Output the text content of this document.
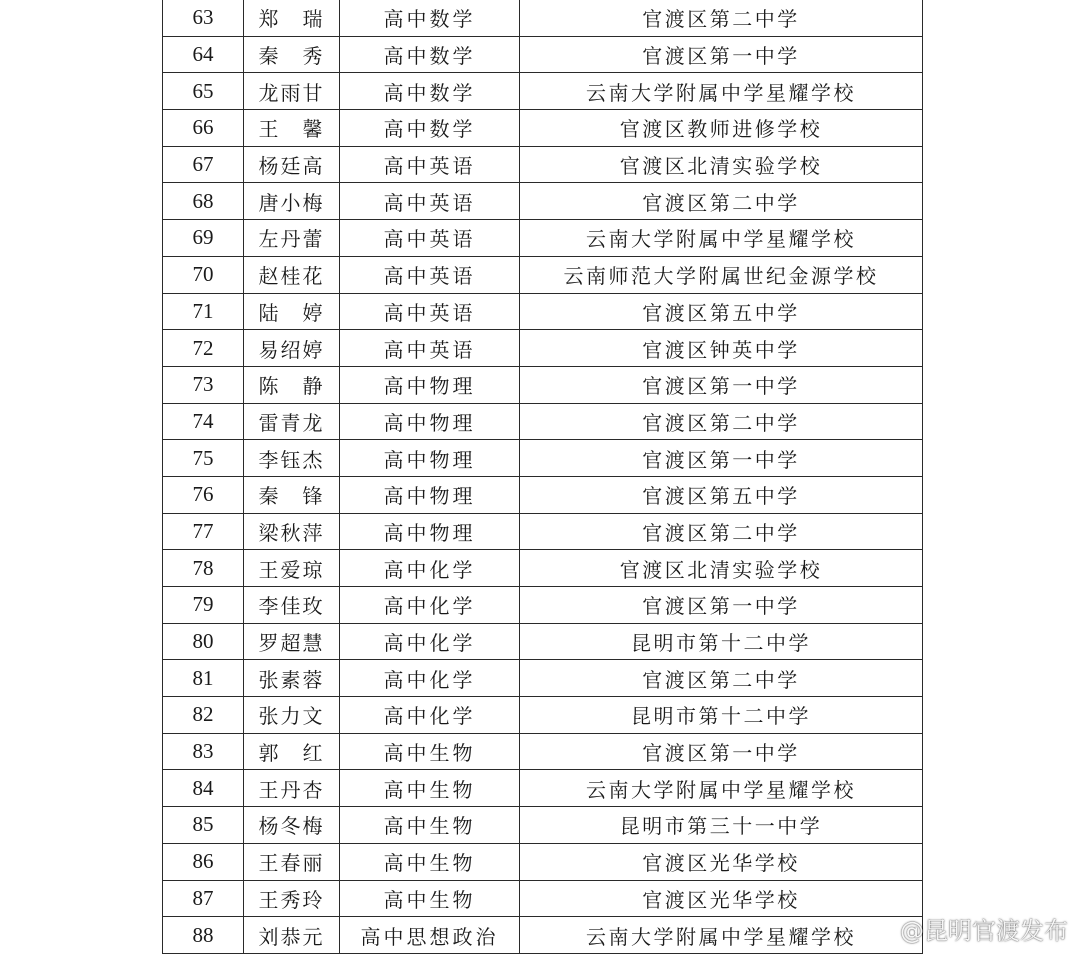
63	郑　瑞	高中数学	官渡区第二中学
64	秦　秀	高中数学	官渡区第一中学
65	龙雨甘	高中数学	云南大学附属中学星耀学校
66	王　馨	高中数学	官渡区教师进修学校
67	杨廷高	高中英语	官渡区北清实验学校
68	唐小梅	高中英语	官渡区第二中学
69	左丹蕾	高中英语	云南大学附属中学星耀学校
70	赵桂花	高中英语	云南师范大学附属世纪金源学校
71	陆　婷	高中英语	官渡区第五中学
72	易绍婷	高中英语	官渡区钟英中学
73	陈　静	高中物理	官渡区第一中学
74	雷青龙	高中物理	官渡区第二中学
75	李钰杰	高中物理	官渡区第一中学
76	秦　锋	高中物理	官渡区第五中学
77	梁秋萍	高中物理	官渡区第二中学
78	王爱琼	高中化学	官渡区北清实验学校
79	李佳玫	高中化学	官渡区第一中学
80	罗超慧	高中化学	昆明市第十二中学
81	张素蓉	高中化学	官渡区第二中学
82	张力文	高中化学	昆明市第十二中学
83	郭　红	高中生物	官渡区第一中学
84	王丹杏	高中生物	云南大学附属中学星耀学校
85	杨冬梅	高中生物	昆明市第三十一中学
86	王春丽	高中生物	官渡区光华学校
87	王秀玲	高中生物	官渡区光华学校
88	刘恭元	高中思想政治	云南大学附属中学星耀学校 @昆明官渡发布
